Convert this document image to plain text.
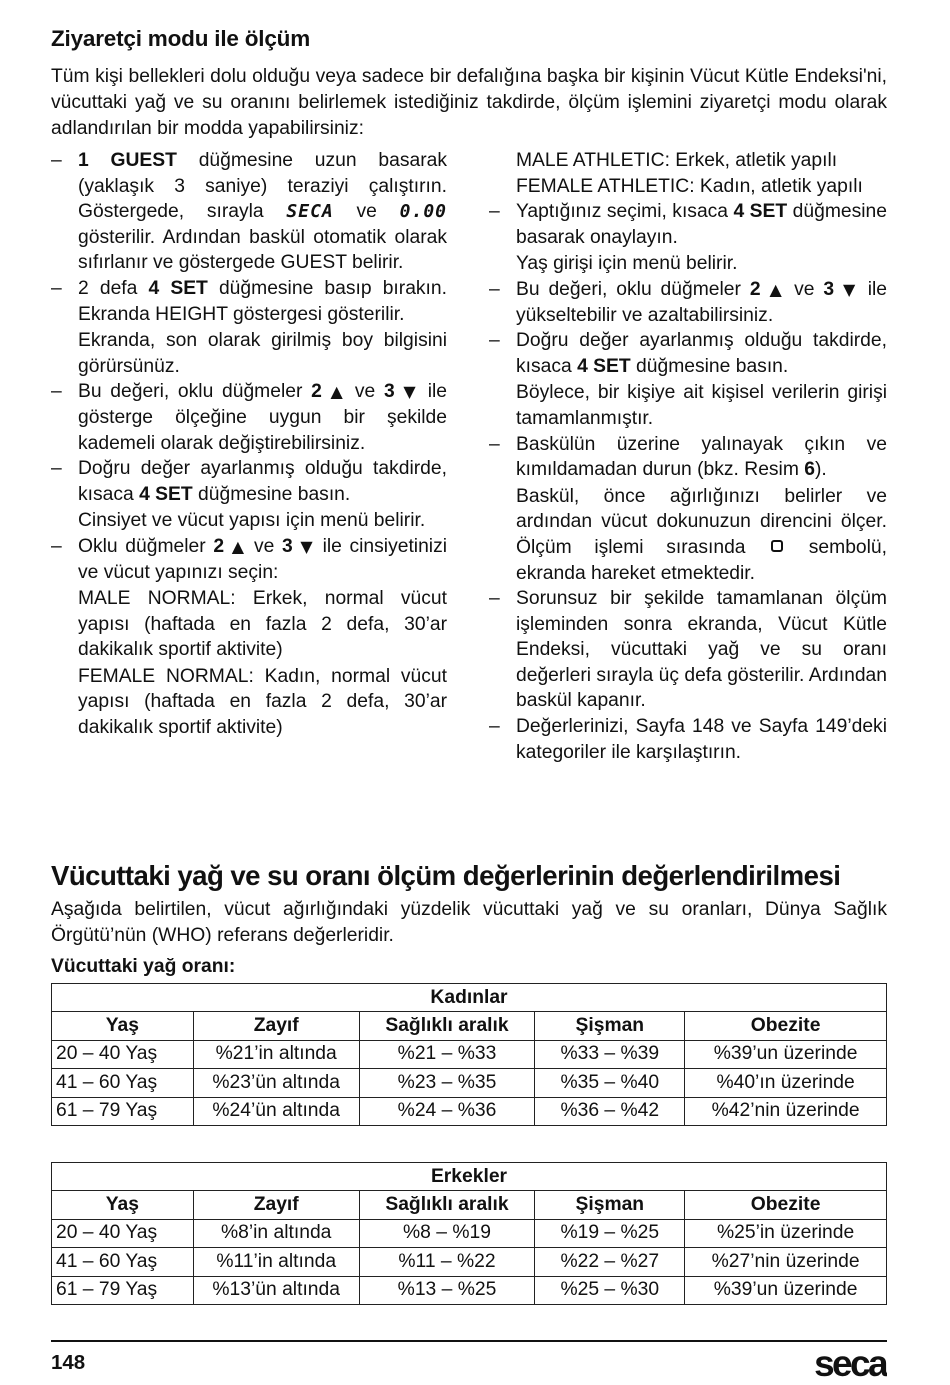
Ziyaretçi modu ile ölçüm

Tüm kişi bellekleri dolu olduğu veya sadece bir defalığına başka bir kişinin Vücut Kütle Endeksi'ni, vücuttaki yağ ve su oranını belirlemek istediğiniz takdirde, ölçüm işlemini ziyaretçi modu olarak adlandırılan bir modda yapabilirsiniz:

– 1 GUEST düğmesine uzun basarak (yaklaşık 3 saniye) teraziyi çalıştırın. Göstergede, sırayla SECA ve 0.00 gösterilir. Ardından baskül otomatik olarak sıfırlanır ve göstergede GUEST belirir.

– 2 defa 4 SET düğmesine basıp bırakın. Ekranda HEIGHT göstergesi gösterilir.

Ekranda, son olarak girilmiş boy bilgisini görürsünüz.

– Bu değeri, oklu düğmeler 2 ▲ ve 3 ▼ ile gösterge ölçeğine uygun bir şekilde kademeli olarak değiştirebilirsiniz.

– Doğru değer ayarlanmış olduğu takdirde, kısaca 4 SET düğmesine basın.

Cinsiyet ve vücut yapısı için menü belirir.

– Oklu düğmeler 2 ▲ ve 3 ▼ ile cinsiyetinizi ve vücut yapınızı seçin:

MALE NORMAL: Erkek, normal vücut yapısı (haftada en fazla 2 defa, 30’ar dakikalık sportif aktivite)

FEMALE NORMAL: Kadın, normal vücut yapısı (haftada en fazla 2 defa, 30’ar dakikalık sportif aktivite)

MALE ATHLETIC: Erkek, atletik yapılı

FEMALE ATHLETIC: Kadın, atletik yapılı

– Yaptığınız seçimi, kısaca 4 SET düğmesine basarak onaylayın.

Yaş girişi için menü belirir.

– Bu değeri, oklu düğmeler 2 ▲ ve 3 ▼ ile yükseltebilir ve azaltabilirsiniz.

– Doğru değer ayarlanmış olduğu takdirde, kısaca 4 SET düğmesine basın.

Böylece, bir kişiye ait kişisel verilerin girişi tamamlanmıştır.

– Baskülün üzerine yalınayak çıkın ve kımıldamadan durun (bkz. Resim 6).

Baskül, önce ağırlığınızı belirler ve ardından vücut dokunuzun direncini ölçer. Ölçüm işlemi sırasında	sembolü, ekranda hareket etmektedir.

– Sorunsuz bir şekilde tamamlanan ölçüm işleminden sonra ekranda, Vücut Kütle Endeksi, vücuttaki yağ ve su oranı değerleri sırayla üç defa gösterilir. Ardından baskül kapanır.

– Değerlerinizi, Sayfa 148 ve Sayfa 149’deki kategoriler ile karşılaştırın.

Vücuttaki yağ ve su oranı ölçüm değerlerinin değerlendirilmesi

Aşağıda belirtilen, vücut ağırlığındaki yüzdelik vücuttaki yağ ve su oranları, Dünya Sağlık Örgütü’nün (WHO) referans değerleridir.

Vücuttaki yağ oranı:

Kadınlar				
Yaş	Zayıf	Sağlıklı aralık	Şişman	Obezite
20 – 40 Yaş	%21’in altında	%21 – %33	%33 – %39	%39’un üzerinde
41 – 60 Yaş	%23’ün altında	%23 – %35	%35 – %40	%40’ın üzerinde
61 – 79 Yaş	%24’ün altında	%24 – %36	%36 – %42	%42’nin üzerinde
Erkekler				
Yaş	Zayıf	Sağlıklı aralık	Şişman	Obezite
20 – 40 Yaş	%8’in altında	%8 – %19	%19 – %25	%25’in üzerinde
41 – 60 Yaş	%11’in altında	%11 – %22	%22 – %27	%27’nin üzerinde
61 – 79 Yaş	%13’ün altında	%13 – %25	%25 – %30	%39’un üzerinde

148	seca
